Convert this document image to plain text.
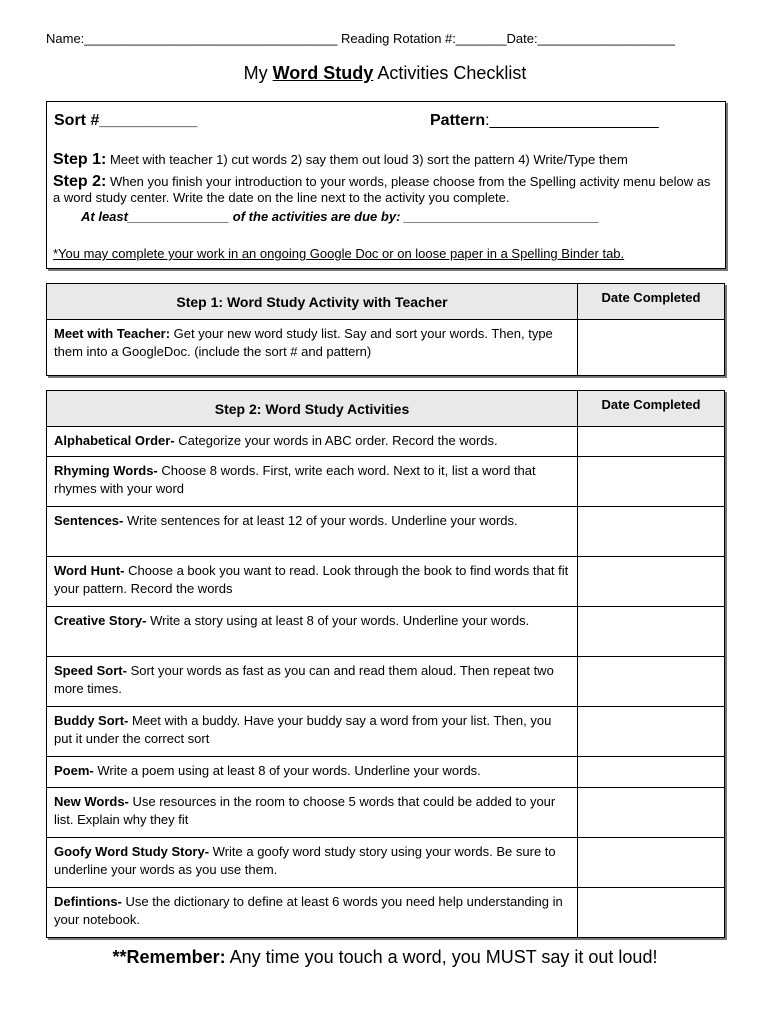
Name:___________________________________ Reading Rotation #:_______Date:___________________
My Word Study Activities Checklist
Sort #___________	Pattern:___________________
Step 1: Meet with teacher 1) cut words 2) say them out loud 3) sort the pattern 4) Write/Type them
Step 2: When you finish your introduction to your words, please choose from the Spelling activity menu below as a word study center. Write the date on the line next to the activity you complete.
At least______________ of the activities are due by: ___________________________
*You may complete your work in an ongoing Google Doc or on loose paper in a Spelling Binder tab.
Step 1: Word Study Activity with Teacher	Date Completed
Meet with Teacher: Get your new word study list. Say and sort your words. Then, type them into a GoogleDoc. (include the sort # and pattern)	
Step 2: Word Study Activities	Date Completed
Alphabetical Order- Categorize your words in ABC order. Record the words.	
Rhyming Words- Choose 8 words. First, write each word. Next to it, list a word that rhymes with your word	
Sentences- Write sentences for at least 12 of your words. Underline your words.	
Word Hunt- Choose a book you want to read. Look through the book to find words that fit your pattern. Record the words	
Creative Story- Write a story using at least 8 of your words. Underline your words.	
Speed Sort- Sort your words as fast as you can and read them aloud. Then repeat two more times.	
Buddy Sort- Meet with a buddy. Have your buddy say a word from your list. Then, you put it under the correct sort	
Poem- Write a poem using at least 8 of your words. Underline your words.	
New Words- Use resources in the room to choose 5 words that could be added to your list. Explain why they fit	
Goofy Word Study Story- Write a goofy word study story using your words. Be sure to underline your words as you use them.	
Defintions- Use the dictionary to define at least 6 words you need help understanding in your notebook.	
**Remember: Any time you touch a word, you MUST say it out loud!
